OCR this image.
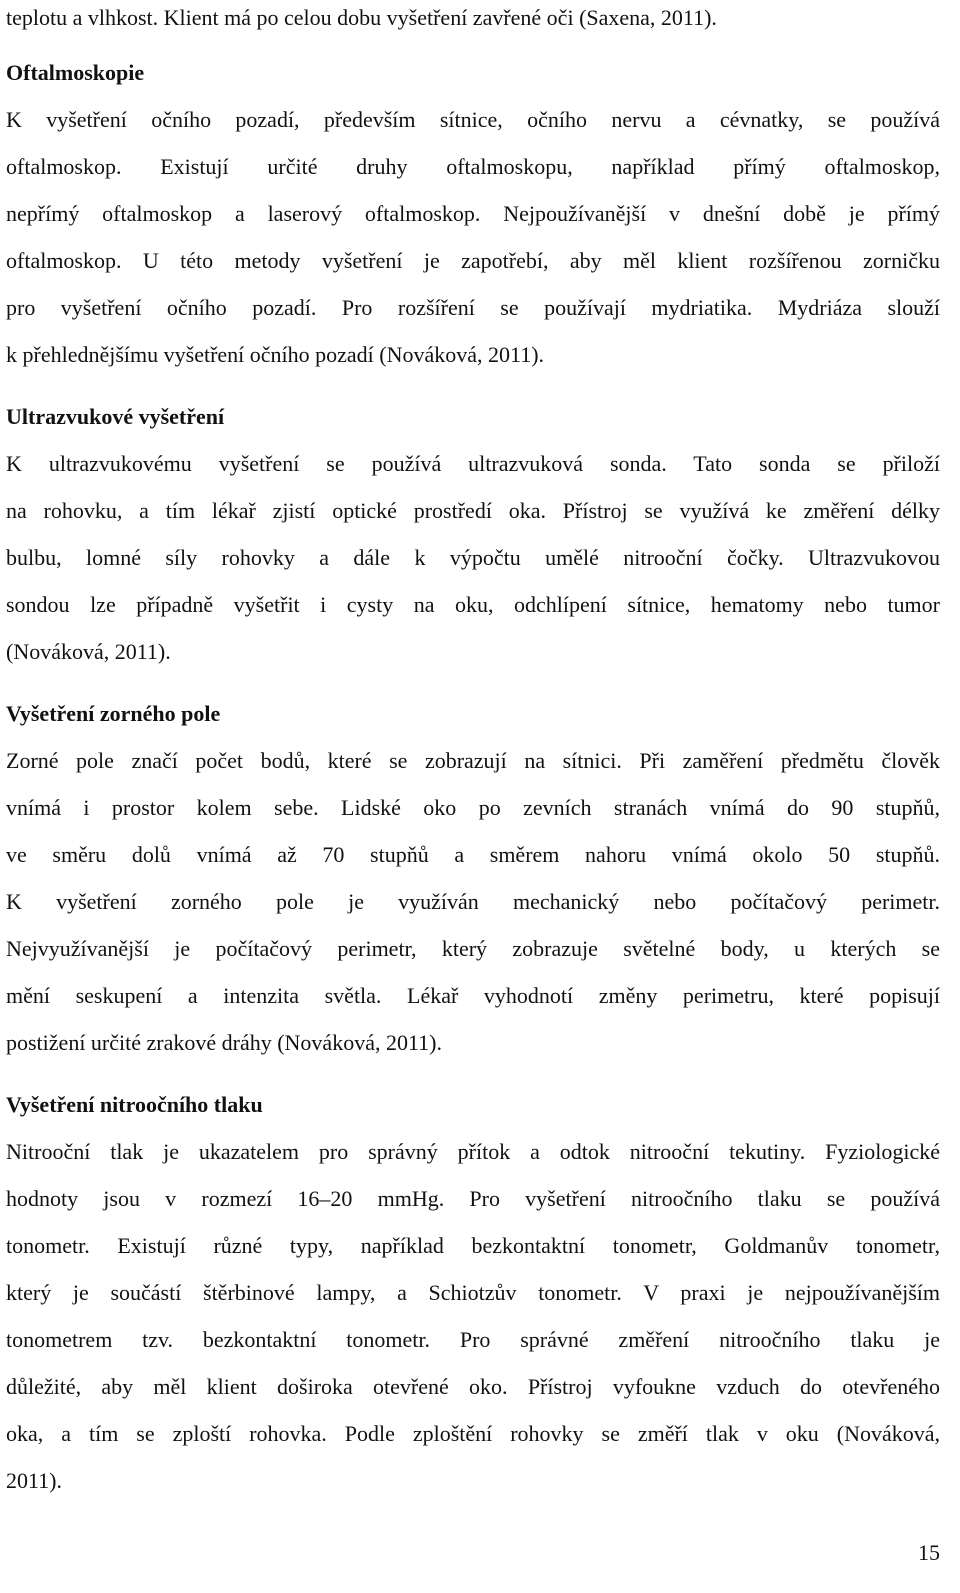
teplotu a vlhkost. Klient má po celou dobu vyšetření zavřené oči (Saxena, 2011).
Oftalmoskopie
K vyšetření očního pozadí, především sítnice, očního nervu a cévnatky, se používá
oftalmoskop. Existují určité druhy oftalmoskopu, například přímý oftalmoskop,
nepřímý oftalmoskop a laserový oftalmoskop. Nejpoužívanější v dnešní době je přímý
oftalmoskop. U této metody vyšetření je zapotřebí, aby měl klient rozšířenou zorničku
pro vyšetření očního pozadí. Pro rozšíření se používají mydriatika. Mydriáza slouží
k přehlednějšímu vyšetření očního pozadí (Nováková, 2011).
Ultrazvukové vyšetření
K ultrazvukovému vyšetření se používá ultrazvuková sonda. Tato sonda se přiloží
na rohovku, a tím lékař zjistí optické prostředí oka. Přístroj se využívá ke změření délky
bulbu, lomné síly rohovky a dále k výpočtu umělé nitrooční čočky. Ultrazvukovou
sondou lze případně vyšetřit i cysty na oku, odchlípení sítnice, hematomy nebo tumor
(Nováková, 2011).
Vyšetření zorného pole
Zorné pole značí počet bodů, které se zobrazují na sítnici. Při zaměření předmětu člověk
vnímá i prostor kolem sebe. Lidské oko po zevních stranách vnímá do 90 stupňů,
ve směru dolů vnímá až 70 stupňů a směrem nahoru vnímá okolo 50 stupňů.
K vyšetření zorného pole je využíván mechanický nebo počítačový perimetr.
Nejvyužívanější je počítačový perimetr, který zobrazuje světelné body, u kterých se
mění seskupení a intenzita světla. Lékař vyhodnotí změny perimetru, které popisují
postižení určité zrakové dráhy (Nováková, 2011).
Vyšetření nitroočního tlaku
Nitrooční tlak je ukazatelem pro správný přítok a odtok nitrooční tekutiny. Fyziologické
hodnoty jsou v rozmezí 16–20 mmHg. Pro vyšetření nitroočního tlaku se používá
tonometr. Existují různé typy, například bezkontaktní tonometr, Goldmanův tonometr,
který je součástí štěrbinové lampy, a Schiotzův tonometr. V praxi je nejpoužívanějším
tonometrem tzv. bezkontaktní tonometr. Pro správné změření nitroočního tlaku je
důležité, aby měl klient doširoka otevřené oko. Přístroj vyfoukne vzduch do otevřeného
oka, a tím se zploští rohovka. Podle zploštění rohovky se změří tlak v oku (Nováková,
2011).
15
